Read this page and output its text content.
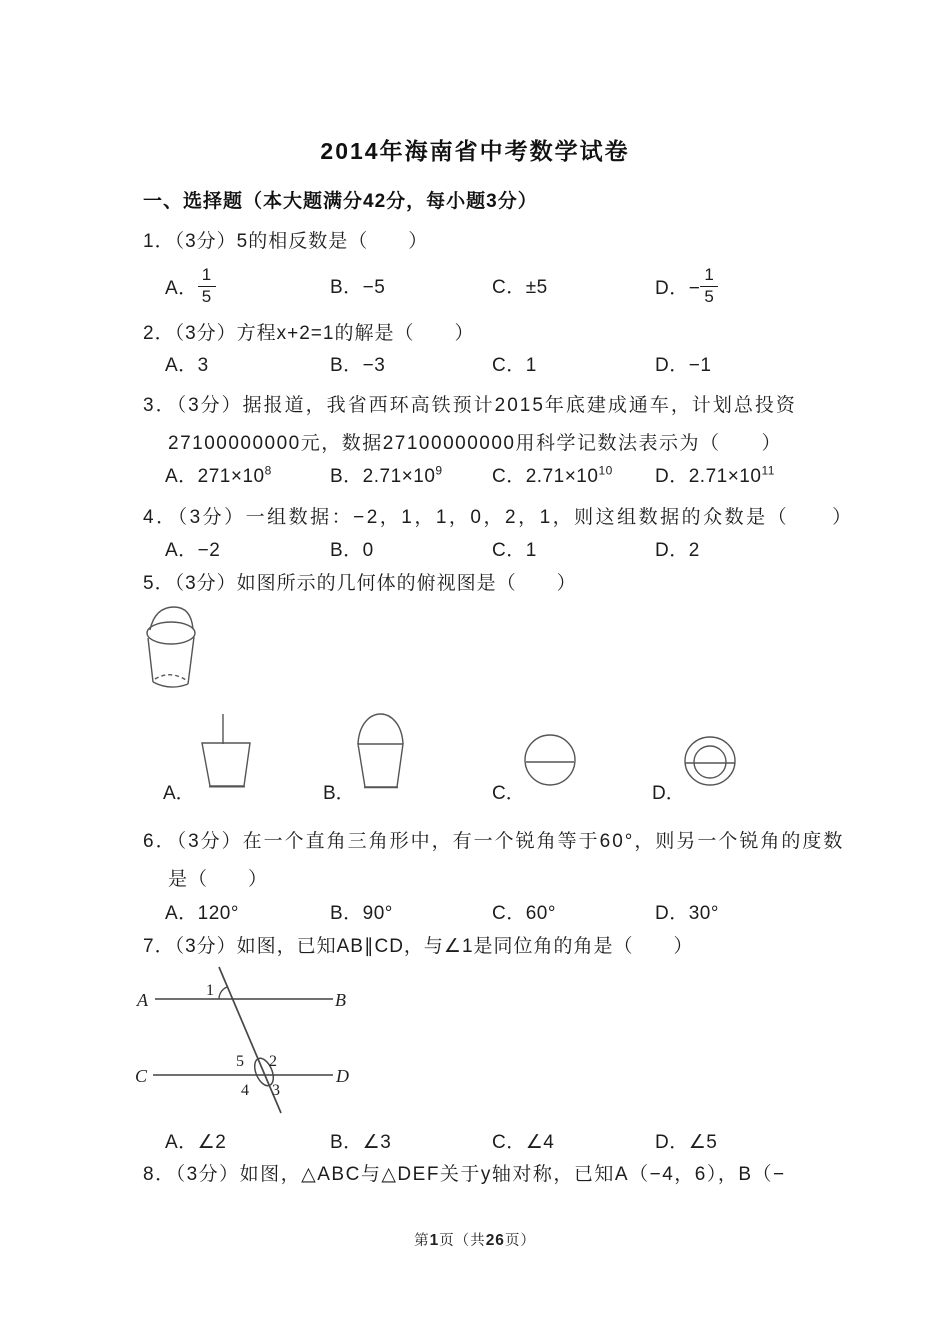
2014年海南省中考数学试卷
一、选择题（本大题满分42分，每小题3分）
1．（3分）5的相反数是（　　）
A． $\frac{1}{5}$	B．−5	C．±5	D．− $\frac{1}{5}$
2．（3分）方程x+2=1的解是（　　）
A．3	B．−3	C．1	D．−1
3．（3分）据报道，我省西环高铁预计2015年底建成通车，计划总投资
27100000000元，数据27100000000用科学记数法表示为（　　）
A．$271\times 10^8$	B．$2.71\times 10^9$	C．$2.71\times 10^{10}$ D．$2.71\times 10^{11}$
4．（3分）一组数据：−2，1，1，0，2，1，则这组数据的众数是（　　）
A．−2	B．0	C．1	D．2
5．（3分）如图所示的几何体的俯视图是（　　）
A．	B．	C．	D．
6．（3分）在一个直角三角形中，有一个锐角等于60°，则另一个锐角的度数
是（　　）
A．120°	B．90°	C．60°	D．30°
7．（3分）如图，已知AB∥CD，与∠1是同位角的角是（　　）
A	B
C	D
1
2
3
4
5
A．∠2	B．∠3	C．∠4	D．∠5
8．（3分）如图，△ABC与△DEF关于y轴对称，已知A（−4，6），B（−
第1页（共26页）
